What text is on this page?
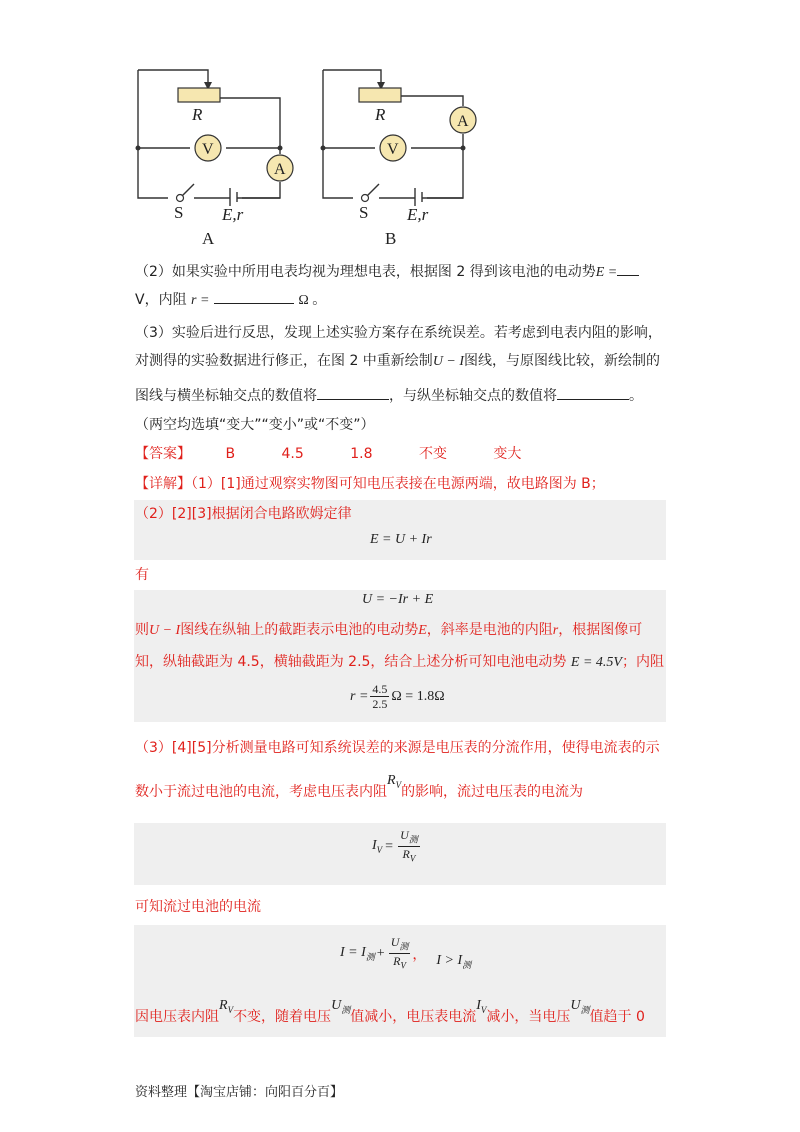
R
V
A
S E,r
A
R
V
A
S E,r
B
（2）如果实验中所用电表均视为理想电表，根据图 2 得到该电池的电动势E =
V，内阻 r =	Ω 。
（3）实验后进行反思，发现上述实验方案存在系统误差。若考虑到电表内阻的影响，
对测得的实验数据进行修正，在图 2 中重新绘制U − I图线，与原图线比较，新绘制的
图线与横坐标轴交点的数值将	，与纵坐标轴交点的数值将	。
（两空均选填“变大”“变小”或“不变”）
【答案】 B	4.5	1.8	不变	变大
【详解】（1）[1]通过观察实物图可知电压表接在电源两端，故电路图为 B；
（2）[2][3]根据闭合电路欧姆定律
E = U + Ir
有
U = −Ir + E
则U − I图线在纵轴上的截距表示电池的电动势E，斜率是电池的内阻r，根据图像可
知，纵轴截距为 4.5，横轴截距为 2.5，结合上述分析可知电池电动势 E = 4.5V；内阻
$r = \frac{4.5}{2.5}$ Ω = 1.8Ω
（3）[4][5]分析测量电路可知系统误差的来源是电压表的分流作用，使得电流表的示
数小于流过电池的电流，考虑电压表内阻$R_V$的影响，流过电压表的电流为
$I_V = \frac{U_测}{R_V}$
可知流过电池的电流
$I = I_测 + \frac{U_测}{R_V}$ ， $I > I_测$
因电压表内阻$R_V$不变，随着电压$U_测$值减小，电压表电流$I_V$减小，当电压$U_测$值趋于 0
资料整理【淘宝店铺：向阳百分百】
